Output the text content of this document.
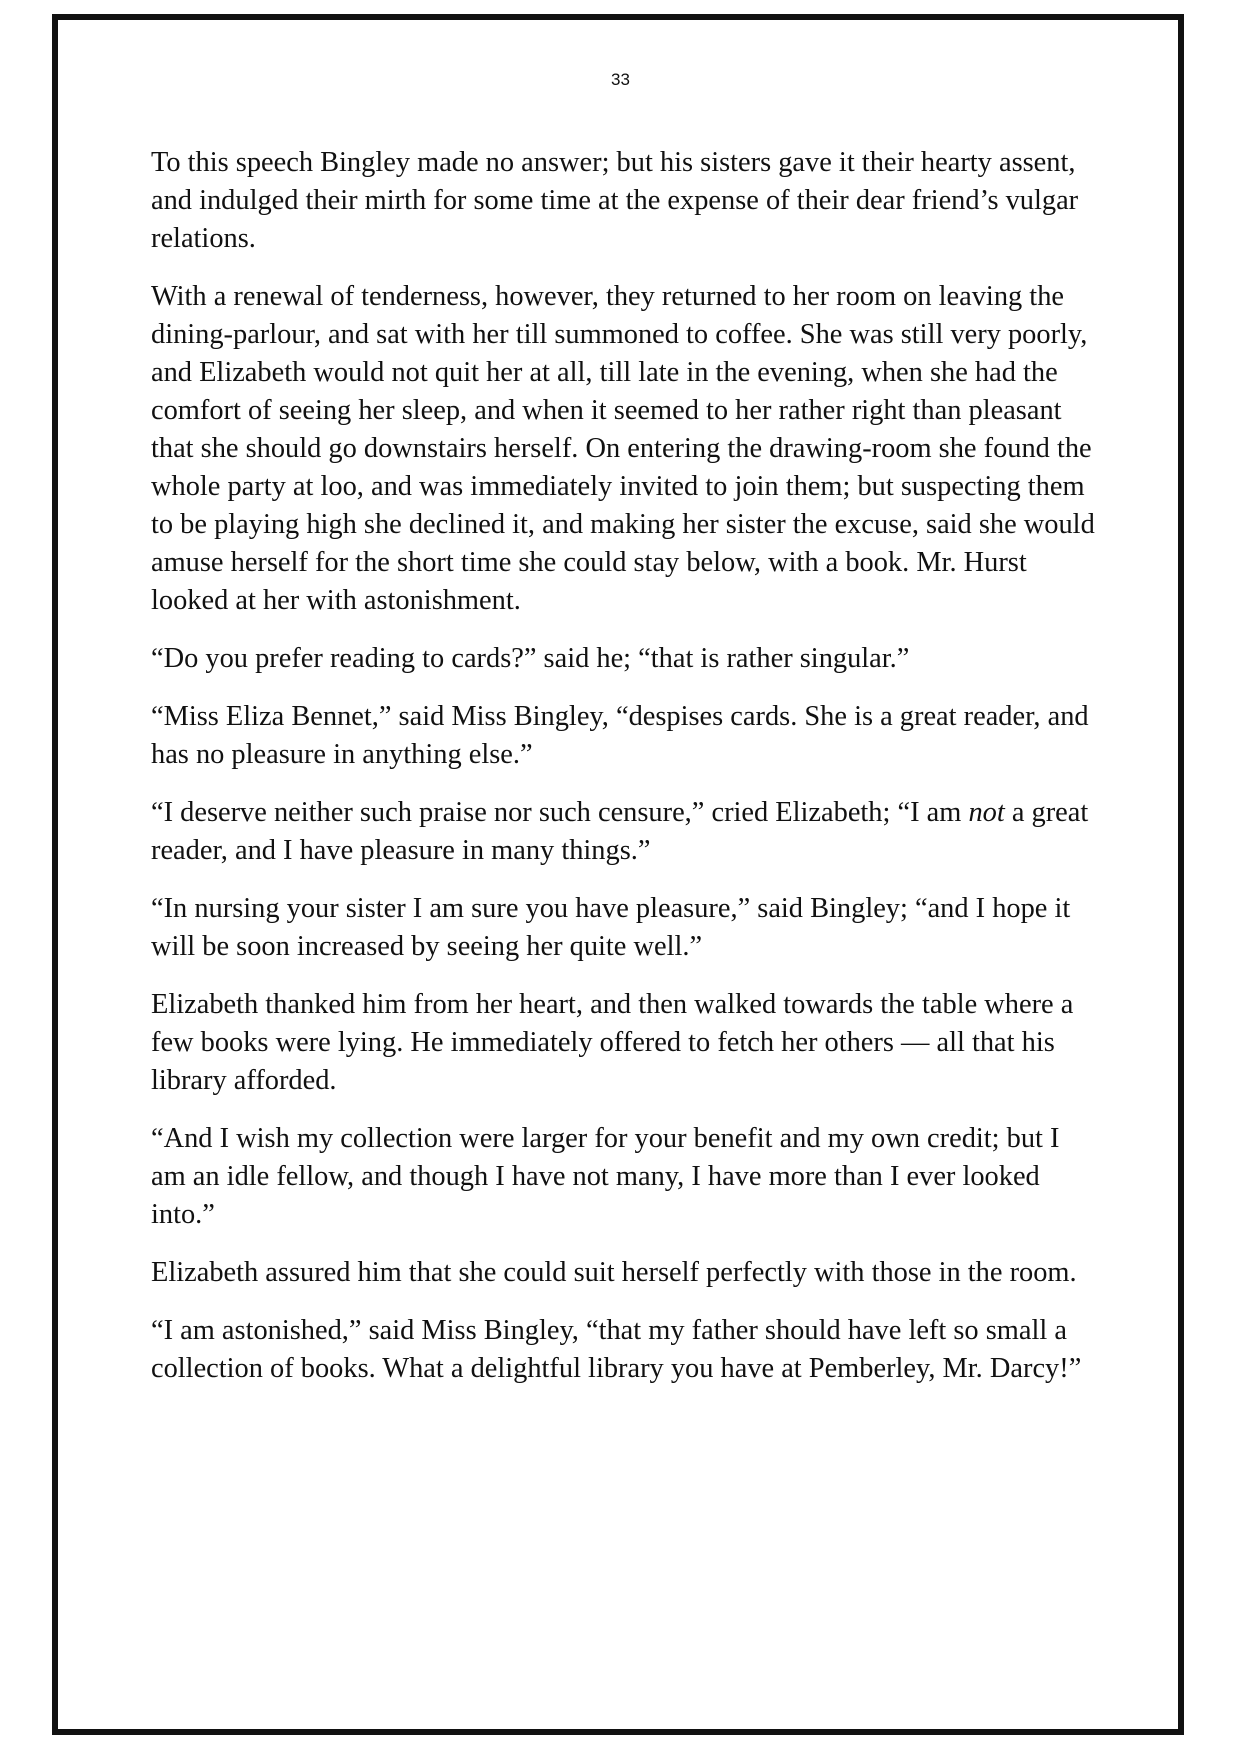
33

To this speech Bingley made no answer; but his sisters gave it their hearty assent, and indulged their mirth for some time at the expense of their dear friend’s vulgar relations.

With a renewal of tenderness, however, they returned to her room on leaving the dining-parlour, and sat with her till summoned to coffee. She was still very poorly, and Elizabeth would not quit her at all, till late in the evening, when she had the comfort of seeing her sleep, and when it seemed to her rather right than pleasant that she should go downstairs herself. On entering the drawing-room she found the whole party at loo, and was immediately invited to join them; but suspecting them to be playing high she declined it, and making her sister the excuse, said she would amuse herself for the short time she could stay below, with a book. Mr. Hurst looked at her with astonishment.

“Do you prefer reading to cards?” said he; “that is rather singular.”

“Miss Eliza Bennet,” said Miss Bingley, “despises cards. She is a great reader, and has no pleasure in anything else.”

“I deserve neither such praise nor such censure,” cried Elizabeth; “I am not a great reader, and I have pleasure in many things.”

“In nursing your sister I am sure you have pleasure,” said Bingley; “and I hope it will be soon increased by seeing her quite well.”

Elizabeth thanked him from her heart, and then walked towards the table where a few books were lying. He immediately offered to fetch her others — all that his library afforded.

“And I wish my collection were larger for your benefit and my own credit; but I am an idle fellow, and though I have not many, I have more than I ever looked into.”

Elizabeth assured him that she could suit herself perfectly with those in the room.

“I am astonished,” said Miss Bingley, “that my father should have left so small a collection of books. What a delightful library you have at Pemberley, Mr. Darcy!”
